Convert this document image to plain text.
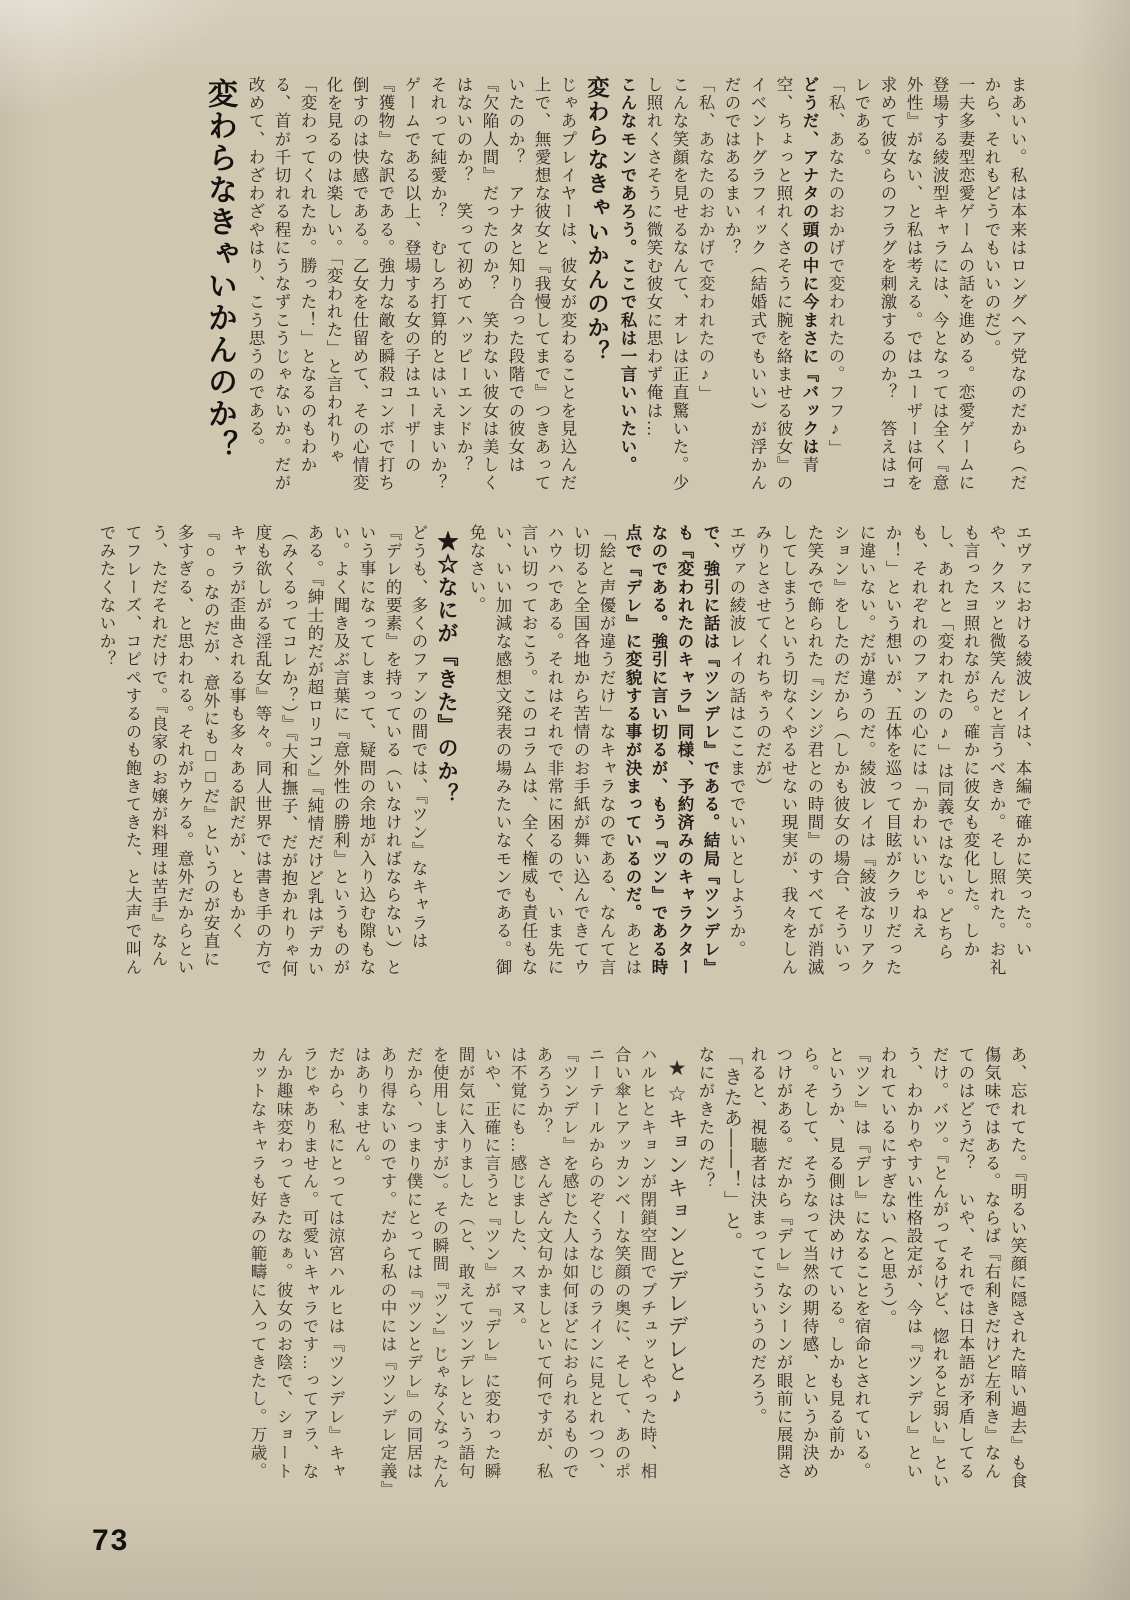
まあいい。私は本来はロングヘア党なのだから（だから、それもどうでもいいのだ）。

一夫多妻型恋愛ゲームの話を進める。恋愛ゲームに登場する綾波型キャラには、今となっては全く『意外性』がない、と私は考える。ではユーザーは何を求めて彼女らのフラグを刺激するのか？　答えはコレである。

「私、あなたのおかげで変われたの。フフ♪」

どうだ、アナタの頭の中に今まさに『バックは青空、ちょっと照れくさそうに腕を絡ませる彼女』のイベントグラフィック（結婚式でもいい）が浮かんだのではあるまいか？

「私、あなたのおかげで変われたの♪」

こんな笑顔を見せるなんて、オレは正直驚いた。少し照れくさそうに微笑む彼女に思わず俺は…

こんなモンであろう。ここで私は一言いいたい。

変わらなきゃいかんのか？

じゃあプレイヤーは、彼女が変わることを見込んだ上で、無愛想な彼女と『我慢してまで』つきあっていたのか？　アナタと知り合った段階での彼女は『欠陥人間』だったのか？　笑わない彼女は美しくはないのか？　笑って初めてハッピーエンドか？　それって純愛か？　むしろ打算的とはいえまいか？

ゲームである以上、登場する女の子はユーザーの『獲物』な訳である。強力な敵を瞬殺コンボで打ち倒すのは快感である。乙女を仕留めて、その心情変化を見るのは楽しい。「変われた」と言われりゃ「変わってくれたか。勝った！」となるのもわかる、首が千切れる程にうなずこうじゃないか。だが改めて、わざわざやはり、こう思うのである。

変わらなきゃいかんのか？

エヴァにおける綾波レイは、本編で確かに笑った。いや、クスッと微笑んだと言うべきか。そし照れた。お礼も言ったヨ照れながら。確かに彼女も変化した。しかし、あれと「変われたの♪」は同義ではない。どちらも、それぞれのファンの心には「かわいいじゃねえか！」という想いが、五体を巡って目眩がクラリだったに違いない。だが違うのだ。綾波レイは『綾波なリアクション』をしたのだから（しかも彼女の場合、そういった笑みで飾られた『シンジ君との時間』のすべてが消滅してしまうという切なくやるせない現実が、我々をしんみりとさせてくれちゃうのだが）

エヴァの綾波レイの話はここまででいいとしようか。で、強引に話は『ツンデレ』である。結局『ツンデレ』も『変われたのキャラ』同様、予約済みのキャラクターなのである。強引に言い切るが、もう『ツン』である時点で『デレ』に変貌する事が決まっているのだ。あとは「絵と声優が違うだけ」なキャラなのである、なんて言い切ると全国各地から苦情のお手紙が舞い込んできてウハウハである。それはそれで非常に困るので、いま先に言い切っておこう。このコラムは、全く権威も責任もない、いい加減な感想文発表の場みたいなモンである。御免なさい。

★☆なにが『きた』のか？

どうも、多くのファンの間では、『ツン』なキャラは『デレ的要素』を持っている（いなければならない）という事になってしまって、疑問の余地が入り込む隙もない。よく聞き及ぶ言葉に『意外性の勝利』というものがある。『紳士的だが超ロリコン』『純情だけど乳はデカい（みくるってコレか？）』『大和撫子、だが抱かれりゃ何度も欲しがる淫乱女』等々。同人世界では書き手の方でキャラが歪曲される事も多々ある訳だが、ともかく『○○なのだが、意外にも□□だ』というのが安直に多すぎる、と思われる。それがウケる。意外だからという、ただそれだけで。『良家のお嬢が料理は苦手』なんてフレーズ、コピペするのも飽きてきた、と大声で叫んでみたくないか？

あ、忘れてた。『明るい笑顔に隠された暗い過去』も食傷気味ではある。ならば『右利きだけど左利き』なんてのはどうだ？　いや、それでは日本語が矛盾してるだけ。バツ。『とんがってるけど、惚れると弱い』という、わかりやすい性格設定が、今は『ツンデレ』といわれているにすぎない（と思う）。

『ツン』は『デレ』になることを宿命とされている。というか、見る側は決めけている。しかも見る前から。そして、そうなって当然の期待感、というか決めつけがある。だから『デレ』なシーンが眼前に展開されると、視聴者は決まってこういうのだろう。

「きたあ――！」と。

なにがきたのだ？

★☆キョンキョンとデレデレと♪

ハルヒとキョンが閉鎖空間でブチュッとやった時、相合い傘とアッカンベーな笑顔の奥に、そして、あのポニーテールからのぞくうなじのラインに見とれつつ、『ツンデレ』を感じた人は如何ほどにおられるものであろうか？　さんざん文句かましといて何ですが、私は不覚にも…感じました、スマヌ。

いや、正確に言うと『ツン』が『デレ』に変わった瞬間が気に入りました（と、敢えてツンデレという語句を使用しますが）。その瞬間『ツン』じゃなくなったんだから、つまり僕にとっては『ツンとデレ』の同居はあり得ないのです。だから私の中には『ツンデレ定義』はありません。

だから、私にとっては涼宮ハルヒは『ツンデレ』キャラじゃありません。可愛いキャラです…ってアラ、なんか趣味変わってきたなぁ。彼女のお陰で、ショートカットなキャラも好みの範疇に入ってきたし。万歳。

73
